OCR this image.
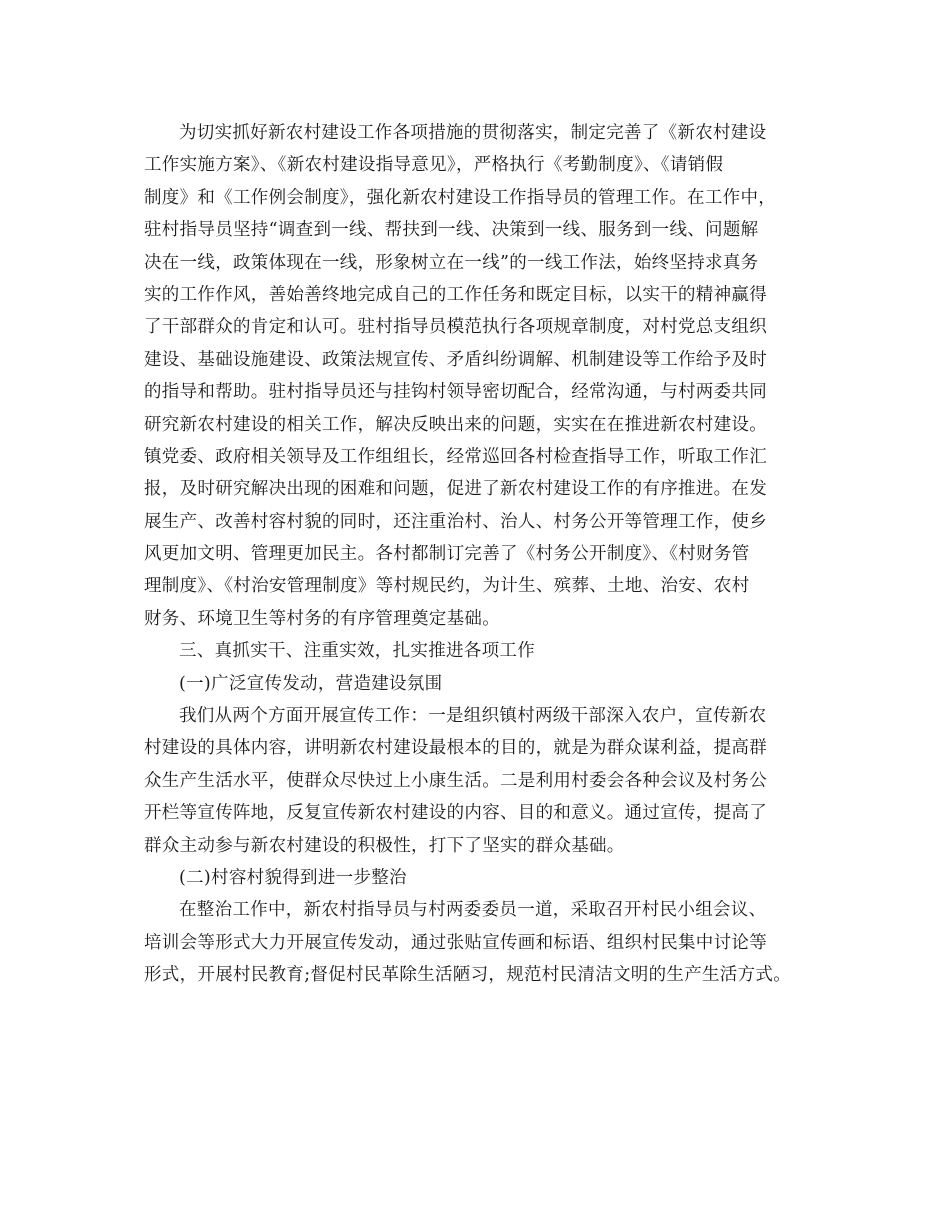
为切实抓好新农村建设工作各项措施的贯彻落实，制定完善了《新农村建设
工作实施方案》、《新农村建设指导意见》，严格执行《考勤制度》、《请销假
制度》和《工作例会制度》，强化新农村建设工作指导员的管理工作。在工作中，
驻村指导员坚持“调查到一线、帮扶到一线、决策到一线、服务到一线、问题解
决在一线，政策体现在一线，形象树立在一线”的一线工作法，始终坚持求真务
实的工作作风，善始善终地完成自己的工作任务和既定目标，以实干的精神赢得
了干部群众的肯定和认可。驻村指导员模范执行各项规章制度，对村党总支组织
建设、基础设施建设、政策法规宣传、矛盾纠纷调解、机制建设等工作给予及时
的指导和帮助。驻村指导员还与挂钩村领导密切配合，经常沟通，与村两委共同
研究新农村建设的相关工作，解决反映出来的问题，实实在在推进新农村建设。
镇党委、政府相关领导及工作组组长，经常巡回各村检查指导工作，听取工作汇
报，及时研究解决出现的困难和问题，促进了新农村建设工作的有序推进。在发
展生产、改善村容村貌的同时，还注重治村、治人、村务公开等管理工作，使乡
风更加文明、管理更加民主。各村都制订完善了《村务公开制度》、《村财务管
理制度》、《村治安管理制度》等村规民约，为计生、殡葬、土地、治安、农村
财务、环境卫生等村务的有序管理奠定基础。
三、真抓实干、注重实效，扎实推进各项工作
(一)广泛宣传发动，营造建设氛围
我们从两个方面开展宣传工作：一是组织镇村两级干部深入农户，宣传新农
村建设的具体内容，讲明新农村建设最根本的目的，就是为群众谋利益，提高群
众生产生活水平，使群众尽快过上小康生活。二是利用村委会各种会议及村务公
开栏等宣传阵地，反复宣传新农村建设的内容、目的和意义。通过宣传，提高了
群众主动参与新农村建设的积极性，打下了坚实的群众基础。
(二)村容村貌得到进一步整治
在整治工作中，新农村指导员与村两委委员一道，采取召开村民小组会议、
培训会等形式大力开展宣传发动，通过张贴宣传画和标语、组织村民集中讨论等
形式，开展村民教育;督促村民革除生活陋习，规范村民清洁文明的生产生活方式。
